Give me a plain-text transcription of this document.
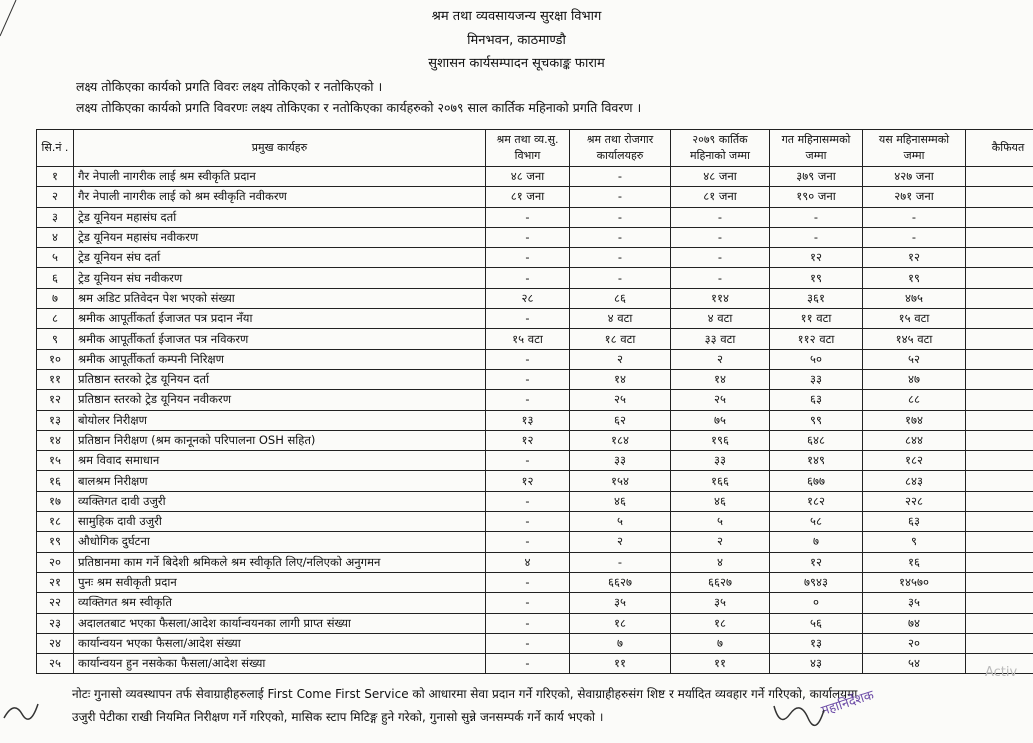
श्रम तथा व्यवसायजन्य सुरक्षा विभाग
मिनभवन, काठमाण्डौ
सुशासन कार्यसम्पादन सूचकाङ्क फाराम
लक्ष्य तोकिएका कार्यको प्रगति विवरः लक्ष्य तोकिएको र नतोकिएको ।
लक्ष्य तोकिएका कार्यको प्रगति विवरणः लक्ष्य तोकिएका र नतोकिएका कार्यहरुको २०७९ साल कार्तिक महिनाको प्रगति विवरण ।
सि.नं .	प्रमुख कार्यहरु	श्रम तथा व्य.सु. विभाग	श्रम तथा रोजगार कार्यालयहरु	२०७९ कार्तिक महिनाको जम्मा	गत महिनासम्मको जम्मा	यस महिनासम्मको जम्मा	कैफियत
१	गैर नेपाली नागरीक लाई श्रम स्वीकृति प्रदान	४८ जना	-	४८ जना	३७९ जना	४२७ जना	
२	गैर नेपाली नागरीक लाई को श्रम स्वीकृति नवीकरण	८१ जना	-	८१ जना	१९० जना	२७१ जना	
३	ट्रेड यूनियन महासंघ दर्ता	-	-	-	-	-	
४	ट्रेड यूनियन महासंघ नवीकरण	-	-	-	-	-	
५	ट्रेड यूनियन संघ दर्ता	-	-	-	१२	१२	
६	ट्रेड यूनियन संघ नवीकरण	-	-	-	१९	१९	
७	श्रम अडिट प्रतिवेदन पेश भएको संख्या	२८	८६	११४	३६१	४७५	
८	श्रमीक आपूर्तीकर्ता ईजाजत पत्र प्रदान नँया	-	४ वटा	४ वटा	११ वटा	१५ वटा	
९	श्रमीक आपूर्तीकर्ता ईजाजत पत्र नविकरण	१५ वटा	१८ वटा	३३ वटा	११२ वटा	१४५ वटा	
१०	श्रमीक आपूर्तीकर्ता कम्पनी निरिक्षण	-	२	२	५०	५२	
११	प्रतिष्ठान स्तरको ट्रेड यूनियन दर्ता	-	१४	१४	३३	४७	
१२	प्रतिष्ठान स्तरको ट्रेड यूनियन नवीकरण	-	२५	२५	६३	८८	
१३	बोयोलर निरीक्षण	१३	६२	७५	९९	१७४	
१४	प्रतिष्ठान निरीक्षण (श्रम कानूनको परिपालना OSH सहित)	१२	१८४	१९६	६४८	८४४	
१५	श्रम विवाद समाधान	-	३३	३३	१४९	१८२	
१६	बालश्रम निरीक्षण	१२	१५४	१६६	६७७	८४३	
१७	व्यक्तिगत दावी उजुरी	-	४६	४६	१८२	२२८	
१८	सामुहिक दावी उजुरी	-	५	५	५८	६३	
१९	औधोगिक दुर्घटना	-	२	२	७	९	
२०	प्रतिष्ठानमा काम गर्ने बिदेशी श्रमिकले श्रम स्वीकृति लिए/नलिएको अनुगमन	४	-	४	१२	१६	
२१	पुनः श्रम सवीकृती प्रदान	-	६६२७	६६२७	७९४३	१४५७०	
२२	व्यक्तिगत श्रम स्वीकृति	-	३५	३५	०	३५	
२३	अदालतबाट भएका फैसला/आदेश कार्यान्वयनका लागी प्राप्त संख्या	-	१८	१८	५६	७४	
२४	कार्यान्वयन भएका फैसला/आदेश संख्या	-	७	७	१३	२०	
२५	कार्यान्वयन हुन नसकेका फैसला/आदेश संख्या	-	११	११	४३	५४	
नोटः गुनासो व्यवस्थापन तर्फ सेवाग्राहीहरुलाई First Come First Service को आधारमा सेवा प्रदान गर्ने गरिएको, सेवाग्राहीहरुसंग शिष्ट र मर्यादित व्यवहार गर्ने गरिएको, कार्यालयमा
उजुरी पेटीका राखी नियमित निरीक्षण गर्ने गरिएको, मासिक स्टाप मिटिङ्ग हुने गरेको, गुनासो सुन्ने जनसम्पर्क गर्ने कार्य भएको ।	महानिर्देशक
Activ
